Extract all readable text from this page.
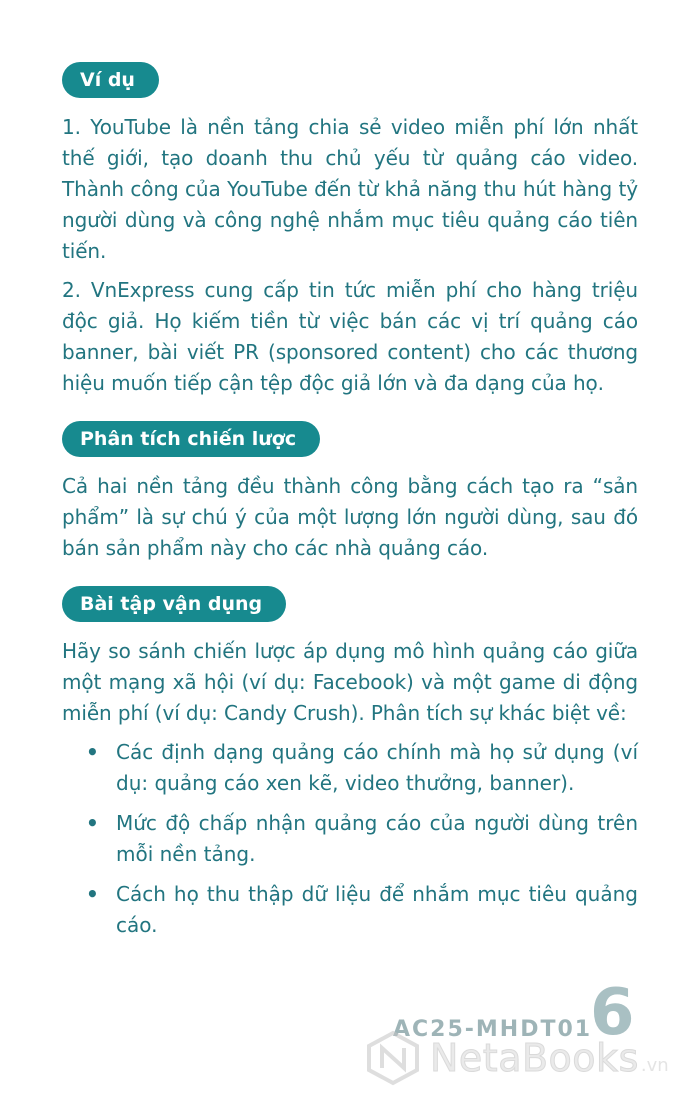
Ví dụ

1. YouTube là nền tảng chia sẻ video miễn phí lớn nhất thế giới, tạo doanh thu chủ yếu từ quảng cáo video. Thành công của YouTube đến từ khả năng thu hút hàng tỷ người dùng và công nghệ nhắm mục tiêu quảng cáo tiên tiến.

2. VnExpress cung cấp tin tức miễn phí cho hàng triệu độc giả. Họ kiếm tiền từ việc bán các vị trí quảng cáo banner, bài viết PR (sponsored content) cho các thương hiệu muốn tiếp cận tệp độc giả lớn và đa dạng của họ.

Phân tích chiến lược

Cả hai nền tảng đều thành công bằng cách tạo ra “sản phẩm” là sự chú ý của một lượng lớn người dùng, sau đó bán sản phẩm này cho các nhà quảng cáo.

Bài tập vận dụng

Hãy so sánh chiến lược áp dụng mô hình quảng cáo giữa một mạng xã hội (ví dụ: Facebook) và một game di động miễn phí (ví dụ: Candy Crush). Phân tích sự khác biệt về:

• Các định dạng quảng cáo chính mà họ sử dụng (ví dụ: quảng cáo xen kẽ, video thưởng, banner).
• Mức độ chấp nhận quảng cáo của người dùng trên mỗi nền tảng.
• Cách họ thu thập dữ liệu để nhắm mục tiêu quảng cáo.
AC25-MHDT01
6
NetaBooks .vn
